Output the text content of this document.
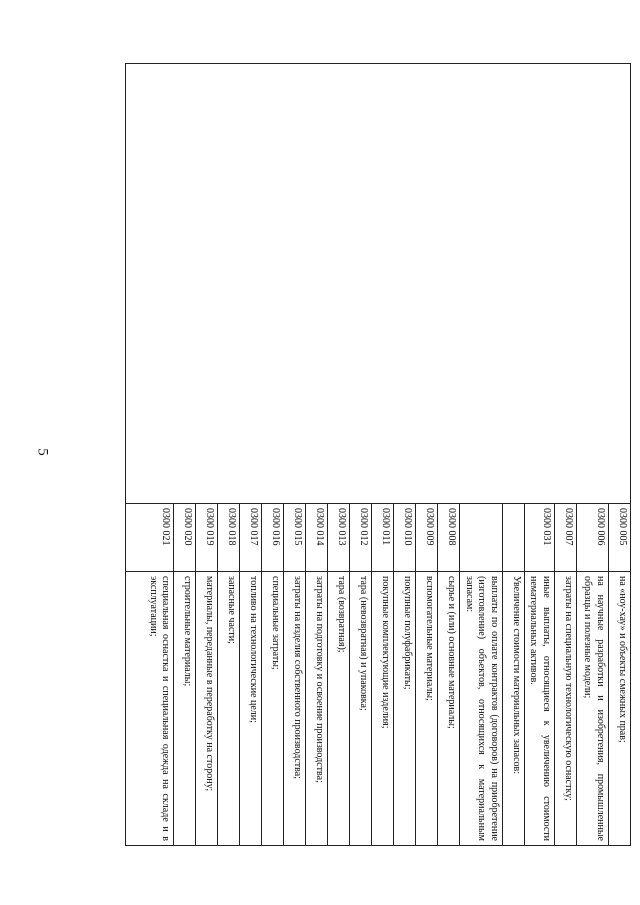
5
	0300 005	на «ноу-хау» и объекты смежных прав;
	0300 006	на научные разработки и изобретения, промышленные образцы и полезные модели;
	0300 007	затраты на специальную технологическую оснастку;
	0300 031	иные выплаты, относящиеся к увеличению стоимости нематериальных активов.
		Увеличение стоимости материальных запасов:
		выплаты по оплате контрактов (договоров) на приобретение (изготовление) объектов, относящихся к материальным запасам:
	0300 008	сырье и (или) основные материалы;
	0300 009	вспомогательные материалы;
	0300 010	покупные полуфабрикаты;
	0300 011	покупные комплектующие изделия;
	0300 012	тара (невозвратная) и упаковка;
	0300 013	тара (возвратная);
	0300 014	затраты на подготовку и освоение производства;
	0300 015	затраты на изделия собственного производства;
	0300 016	специальные затраты;
	0300 017	топливо на технологические цели;
	0300 018	запасные части;
	0300 019	материалы, переданные в переработку на сторону;
	0300 020	строительные материалы;
	0300 021	специальная оснастка и специальная одежда на складе и в эксплуатации;
